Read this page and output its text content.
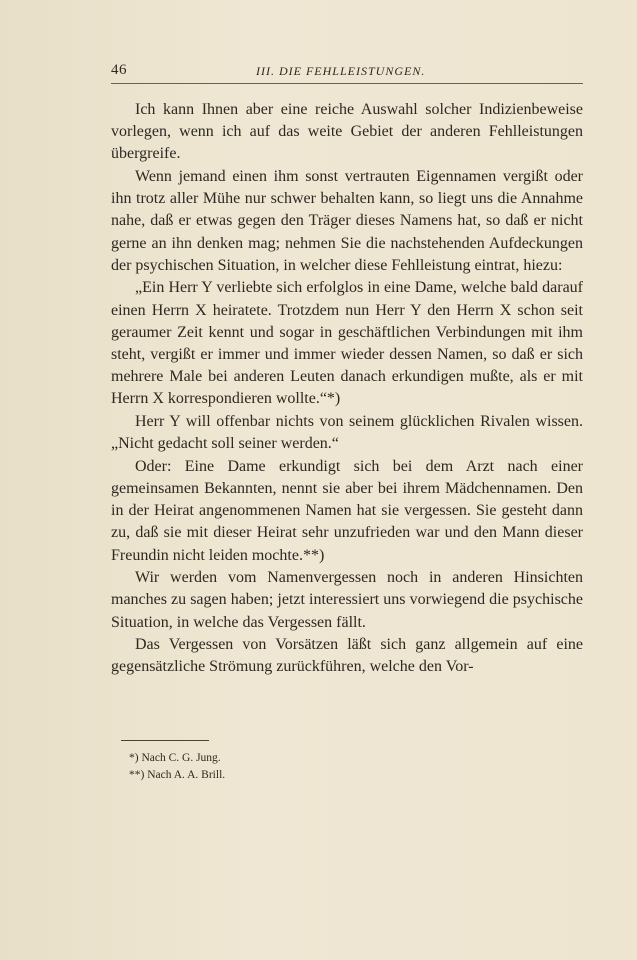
46	III. DIE FEHLLEISTUNGEN.

Ich kann Ihnen aber eine reiche Auswahl solcher Indizienbeweise vorlegen, wenn ich auf das weite Gebiet der anderen Fehlleistungen übergreife.

Wenn jemand einen ihm sonst vertrauten Eigennamen vergißt oder ihn trotz aller Mühe nur schwer behalten kann, so liegt uns die Annahme nahe, daß er etwas gegen den Träger dieses Namens hat, so daß er nicht gerne an ihn denken mag; nehmen Sie die nachstehenden Aufdeckungen der psychischen Situation, in welcher diese Fehlleistung eintrat, hiezu:

„Ein Herr Y verliebte sich erfolglos in eine Dame, welche bald darauf einen Herrn X heiratete. Trotzdem nun Herr Y den Herrn X schon seit geraumer Zeit kennt und sogar in geschäftlichen Verbindungen mit ihm steht, vergißt er immer und immer wieder dessen Namen, so daß er sich mehrere Male bei anderen Leuten danach erkundigen mußte, als er mit Herrn X korrespondieren wollte.“*)

Herr Y will offenbar nichts von seinem glücklichen Rivalen wissen. „Nicht gedacht soll seiner werden.“

Oder: Eine Dame erkundigt sich bei dem Arzt nach einer gemeinsamen Bekannten, nennt sie aber bei ihrem Mädchennamen. Den in der Heirat angenommenen Namen hat sie vergessen. Sie gesteht dann zu, daß sie mit dieser Heirat sehr unzufrieden war und den Mann dieser Freundin nicht leiden mochte.**)

Wir werden vom Namenvergessen noch in anderen Hinsichten manches zu sagen haben; jetzt interessiert uns vorwiegend die psychische Situation, in welche das Vergessen fällt.

Das Vergessen von Vorsätzen läßt sich ganz allgemein auf eine gegensätzliche Strömung zurückführen, welche den Vor-

*) Nach C. G. Jung.
**) Nach A. A. Brill.
